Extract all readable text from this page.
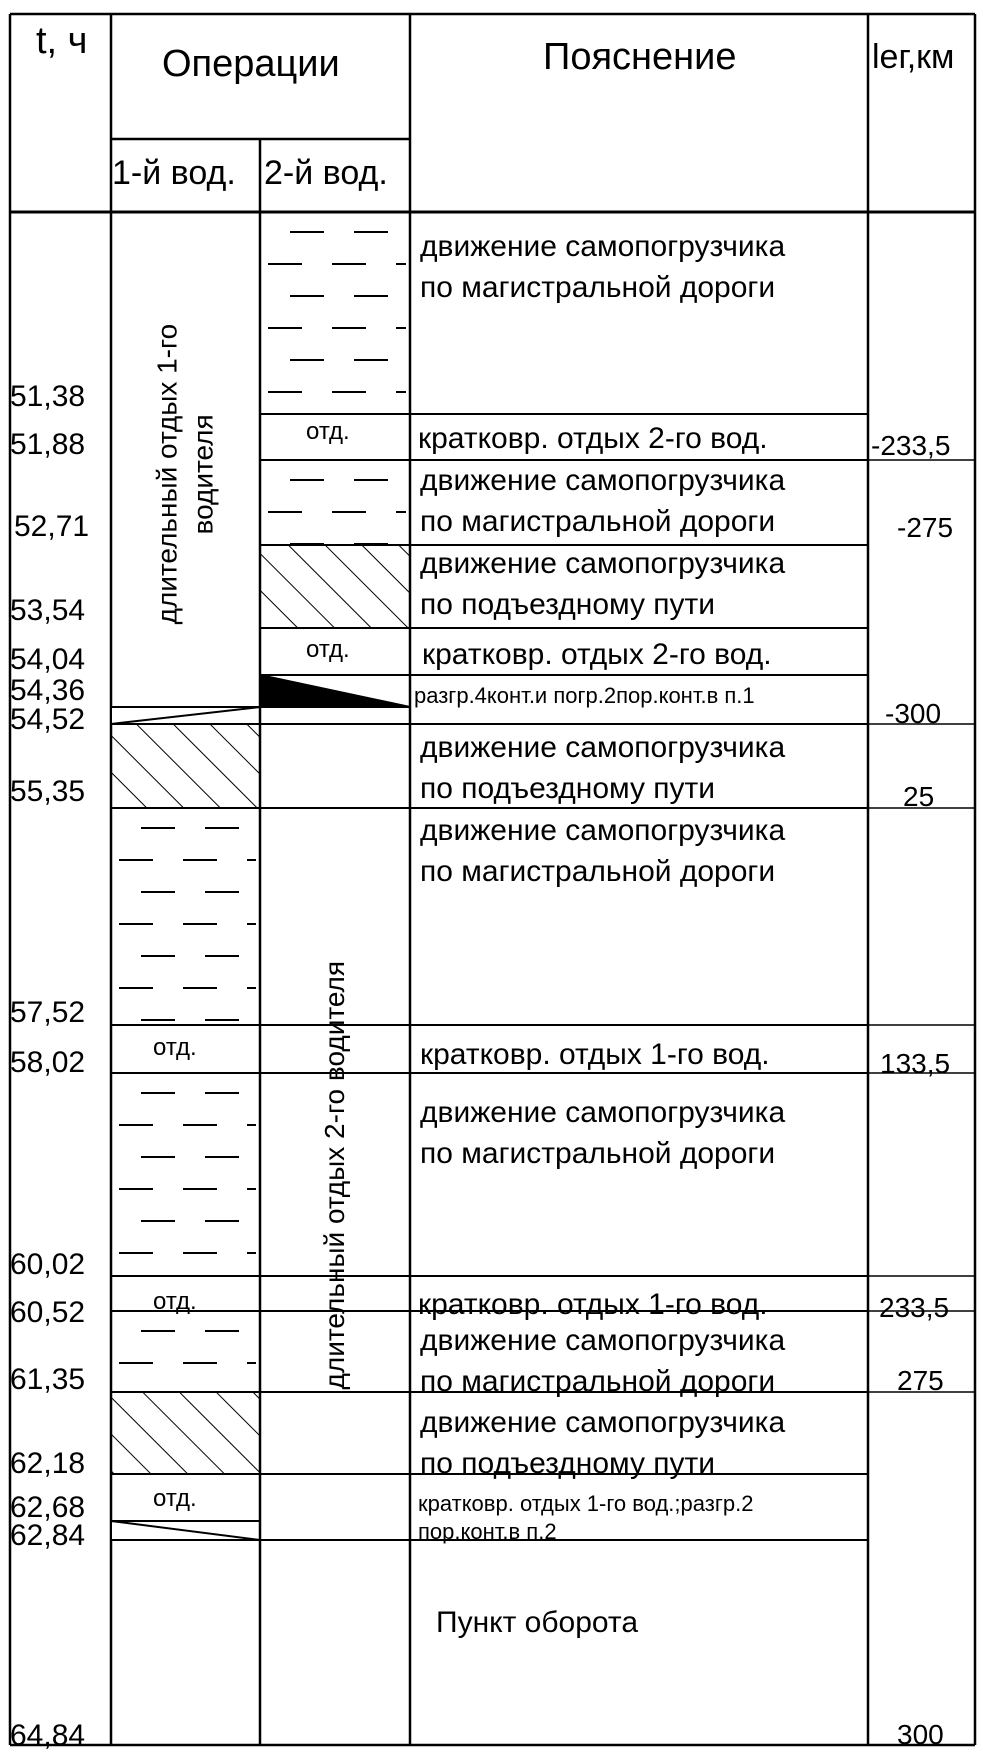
t, ч
Операции
1-й вод. 2-й вод.
Пояснение	lег,км
51,38
51,88
52,71
53,54
54,04
54,36
54,52
55,35
57,52
58,02
60,02
60,52
61,35
62,18
62,68
62,84
64,84
отд.
отд.
отд.
отд.
отд.
длительный отдых 1-го
водителя
длительный отдых 2-го водителя
движение самопогрузчика
по магистральной дороги
кратковр. отдых 2-го вод.
движение самопогрузчика
по магистральной дороги
движение самопогрузчика
по подъездному пути
кратковр. отдых 2-го вод.
разгр.4конт.и погр.2пор.конт.в п.1
движение самопогрузчика
по подъездному пути
движение самопогрузчика
по магистральной дороги
кратковр. отдых 1-го вод.
движение самопогрузчика
по магистральной дороги
кратковр. отдых 1-го вод.
движение самопогрузчика
по магистральной дороги
движение самопогрузчика
по подъездному пути
кратковр. отдых 1-го вод.;разгр.2
пор.конт.в п.2
Пункт оборота
-233,5
-275
-300
25
133,5
233,5
275
300
